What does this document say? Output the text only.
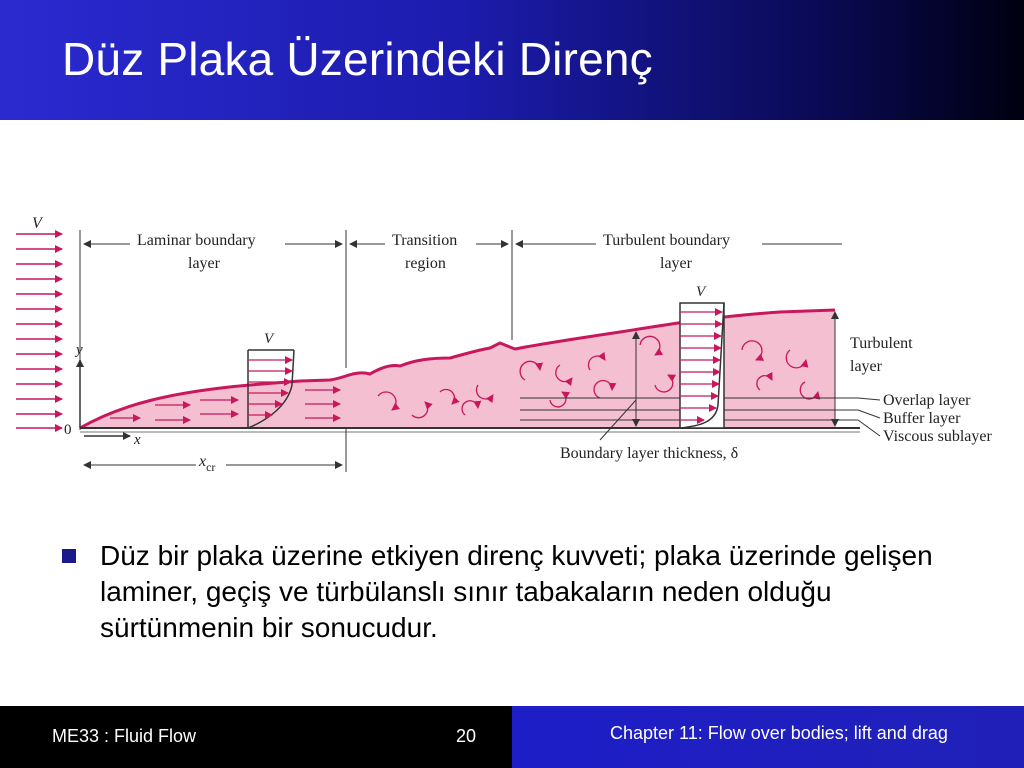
Düz Plaka Üzerindeki Direnç
V
y
0
x
Laminar boundary
layer
Transition
region
Turbulent boundary
layer
V
V
Boundary layer thickness, δ
Turbulent
layer
Overlap layer
Buffer layer
Viscous sublayer
$x_{cr}$
Düz bir plaka üzerine etkiyen direnç kuvveti; plaka üzerinde gelişen laminer, geçiş ve türbülanslı sınır tabakaların neden olduğu sürtünmenin bir sonucudur.
ME33 : Fluid Flow	20	Chapter 11: Flow over bodies; lift and drag
